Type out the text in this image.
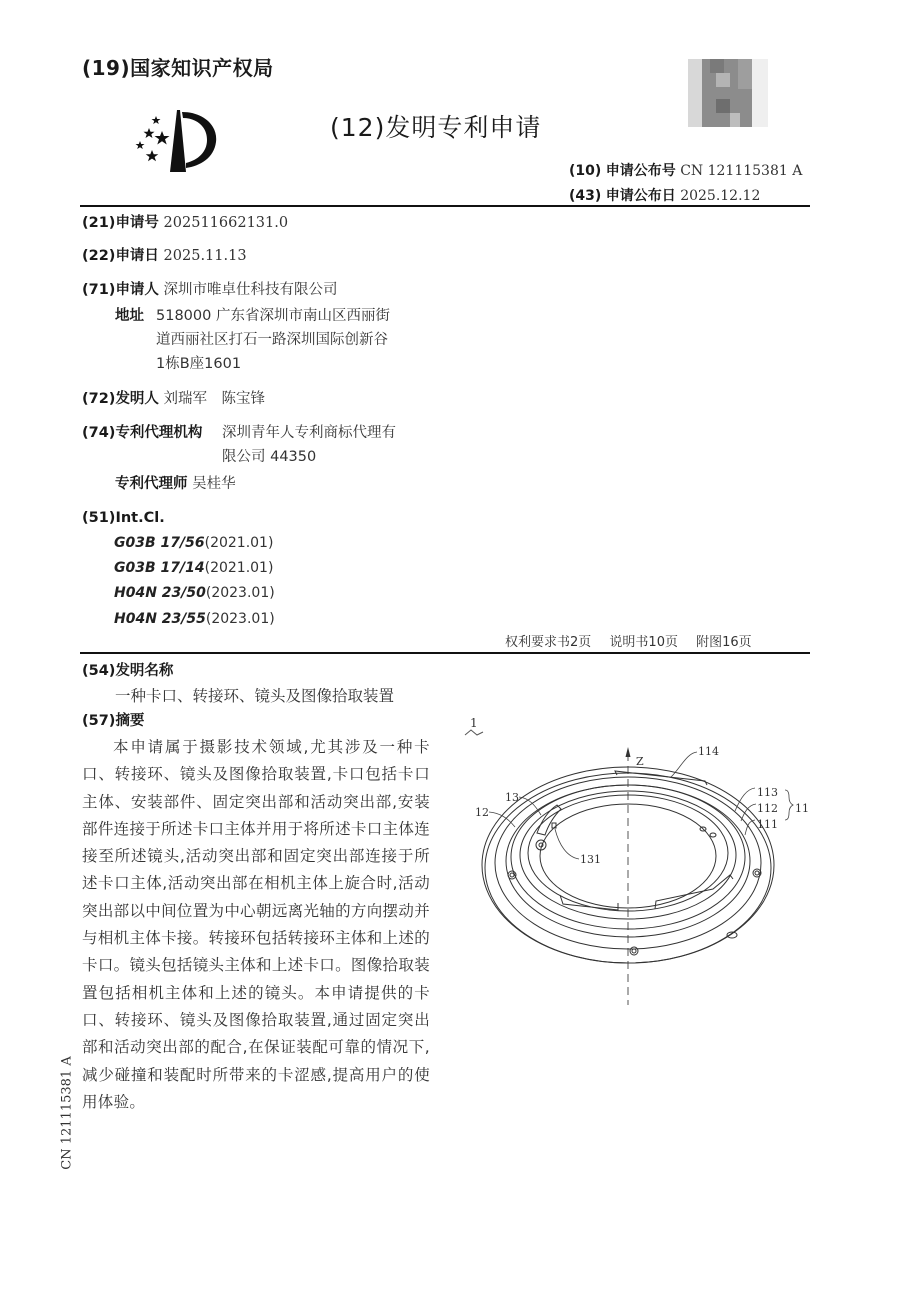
(19)国家知识产权局
(12)发明专利申请
(10) 申请公布号 CN 121115381 A
(43) 申请公布日 2025.12.12
(21)申请号 202511662131.0
(22)申请日 2025.11.13
(71)申请人 深圳市唯卓仕科技有限公司
地址 518000 广东省深圳市南山区西丽街
道西丽社区打石一路深圳国际创新谷
1栋B座1601
(72)发明人 刘瑞军　陈宝锋
(74)专利代理机构 深圳青年人专利商标代理有
限公司 44350
专利代理师 吴桂华
(51)Int.Cl.
G03B 17/56(2021.01)
G03B 17/14(2021.01)
H04N 23/50(2023.01)
H04N 23/55(2023.01)
权利要求书2页 说明书10页 附图16页
(54)发明名称
一种卡口、转接环、镜头及图像拾取装置
(57)摘要
本申请属于摄影技术领域,尤其涉及一种卡口、转接环、镜头及图像拾取装置,卡口包括卡口主体、安装部件、固定突出部和活动突出部,安装部件连接于所述卡口主体并用于将所述卡口主体连接至所述镜头,活动突出部和固定突出部连接于所述卡口主体,活动突出部在相机主体上旋合时,活动突出部以中间位置为中心朝远离光轴的方向摆动并与相机主体卡接。转接环包括转接环主体和上述的卡口。镜头包括镜头主体和上述卡口。图像拾取装置包括相机主体和上述的镜头。本申请提供的卡口、转接环、镜头及图像拾取装置,通过固定突出部和活动突出部的配合,在保证装配可靠的情况下,减少碰撞和装配时所带来的卡涩感,提高用户的使用体验。
1
Z
114
113
112
111
11
12
13
131
CN 121115381 A
